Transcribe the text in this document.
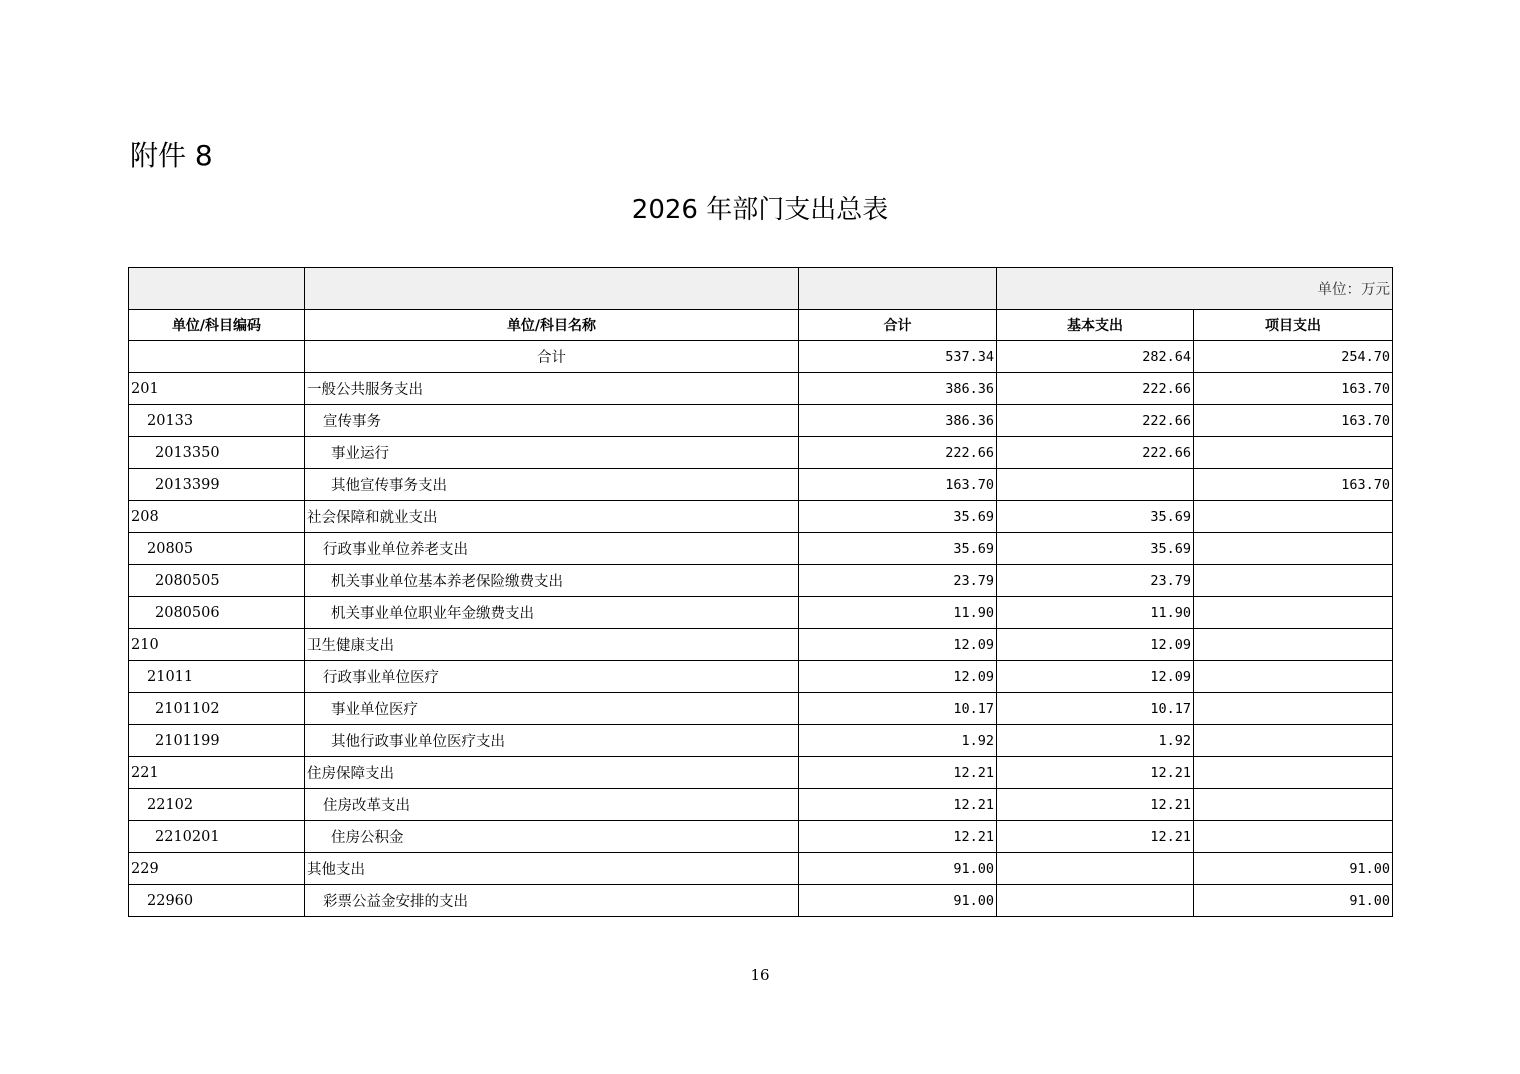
附件 8
2026 年部门支出总表
			单位：万元	
单位/科目编码	单位/科目名称	合计	基本支出	项目支出
	合计	537.34	282.64	254.70
201	一般公共服务支出	386.36	222.66	163.70
20133	宣传事务	386.36	222.66	163.70
2013350	事业运行	222.66	222.66	
2013399	其他宣传事务支出	163.70		163.70
208	社会保障和就业支出	35.69	35.69	
20805	行政事业单位养老支出	35.69	35.69	
2080505	机关事业单位基本养老保险缴费支出	23.79	23.79	
2080506	机关事业单位职业年金缴费支出	11.90	11.90	
210	卫生健康支出	12.09	12.09	
21011	行政事业单位医疗	12.09	12.09	
2101102	事业单位医疗	10.17	10.17	
2101199	其他行政事业单位医疗支出	1.92	1.92	
221	住房保障支出	12.21	12.21	
22102	住房改革支出	12.21	12.21	
2210201	住房公积金	12.21	12.21	
229	其他支出	91.00		91.00
22960	彩票公益金安排的支出	91.00		91.00
16
